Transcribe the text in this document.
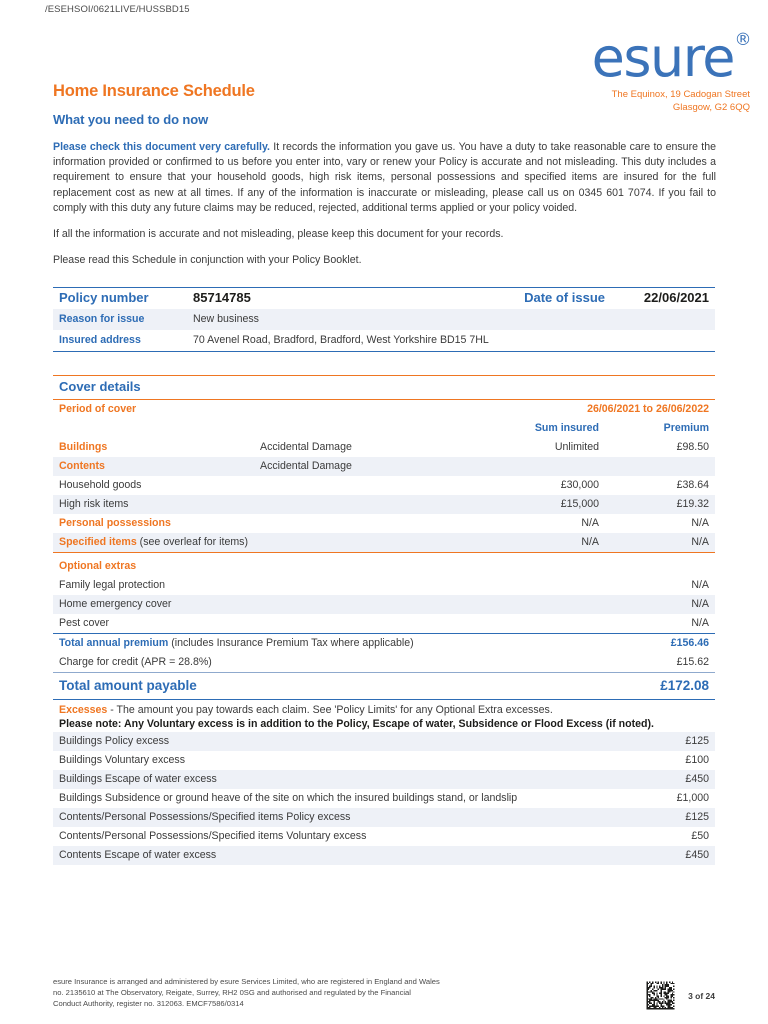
/ESEHSOI/0621LIVE/HUSSBD15
esure ®
The Equinox, 19 Cadogan Street
Glasgow, G2 6QQ
Home Insurance Schedule
What you need to do now

Please check this document very carefully. It records the information you gave us. You have a duty to take reasonable care to ensure the information provided or confirmed to us before you enter into, vary or renew your Policy is accurate and not misleading. This duty includes a requirement to ensure that your household goods, high risk items, personal possessions and specified items are insured for the full replacement cost as new at all times. If any of the information is inaccurate or misleading, please call us on 0345 601 7074. If you fail to comply with this duty any future claims may be reduced, rejected, additional terms applied or your policy voided.

If all the information is accurate and not misleading, please keep this document for your records.

Please read this Schedule in conjunction with your Policy Booklet.

Policy number	85714785	Date of issue	22/06/2021
Reason for issue	New business		
Insured address	70 Avenel Road, Bradford, Bradford, West Yorkshire BD15 7HL		
Cover details			
Period of cover		26/06/2021 to 26/06/2022	
		Sum insured	Premium
Buildings	Accidental Damage	Unlimited	£98.50
Contents	Accidental Damage		
Household goods		£30,000	£38.64
High risk items		£15,000	£19.32
Personal possessions		N/A	N/A
Specified items (see overleaf for items)		N/A	N/A
Optional extras			
Family legal protection			N/A
Home emergency cover			N/A
Pest cover			N/A
Total annual premium (includes Insurance Premium Tax where applicable)			£156.46
Charge for credit (APR = 28.8%)			£15.62
Total amount payable			£172.08

Excesses - The amount you pay towards each claim. See 'Policy Limits' for any Optional Extra excesses.
Please note: Any Voluntary excess is in addition to the Policy, Escape of water, Subsidence or Flood Excess (if noted).			

Buildings Policy excess			£125
Buildings Voluntary excess			£100
Buildings Escape of water excess			£450
Buildings Subsidence or ground heave of the site on which the insured buildings stand, or landslip			£1,000
Contents/Personal Possessions/Specified items Policy excess			£125
Contents/Personal Possessions/Specified items Voluntary excess			£50
Contents Escape of water excess			£450
esure Insurance is arranged and administered by esure Services Limited, who are registered in England and Wales
no. 2135610 at The Observatory, Reigate, Surrey, RH2 0SG and authorised and regulated by the Financial
Conduct Authority, register no. 312063. EMCF7586/0314
3 of 24
